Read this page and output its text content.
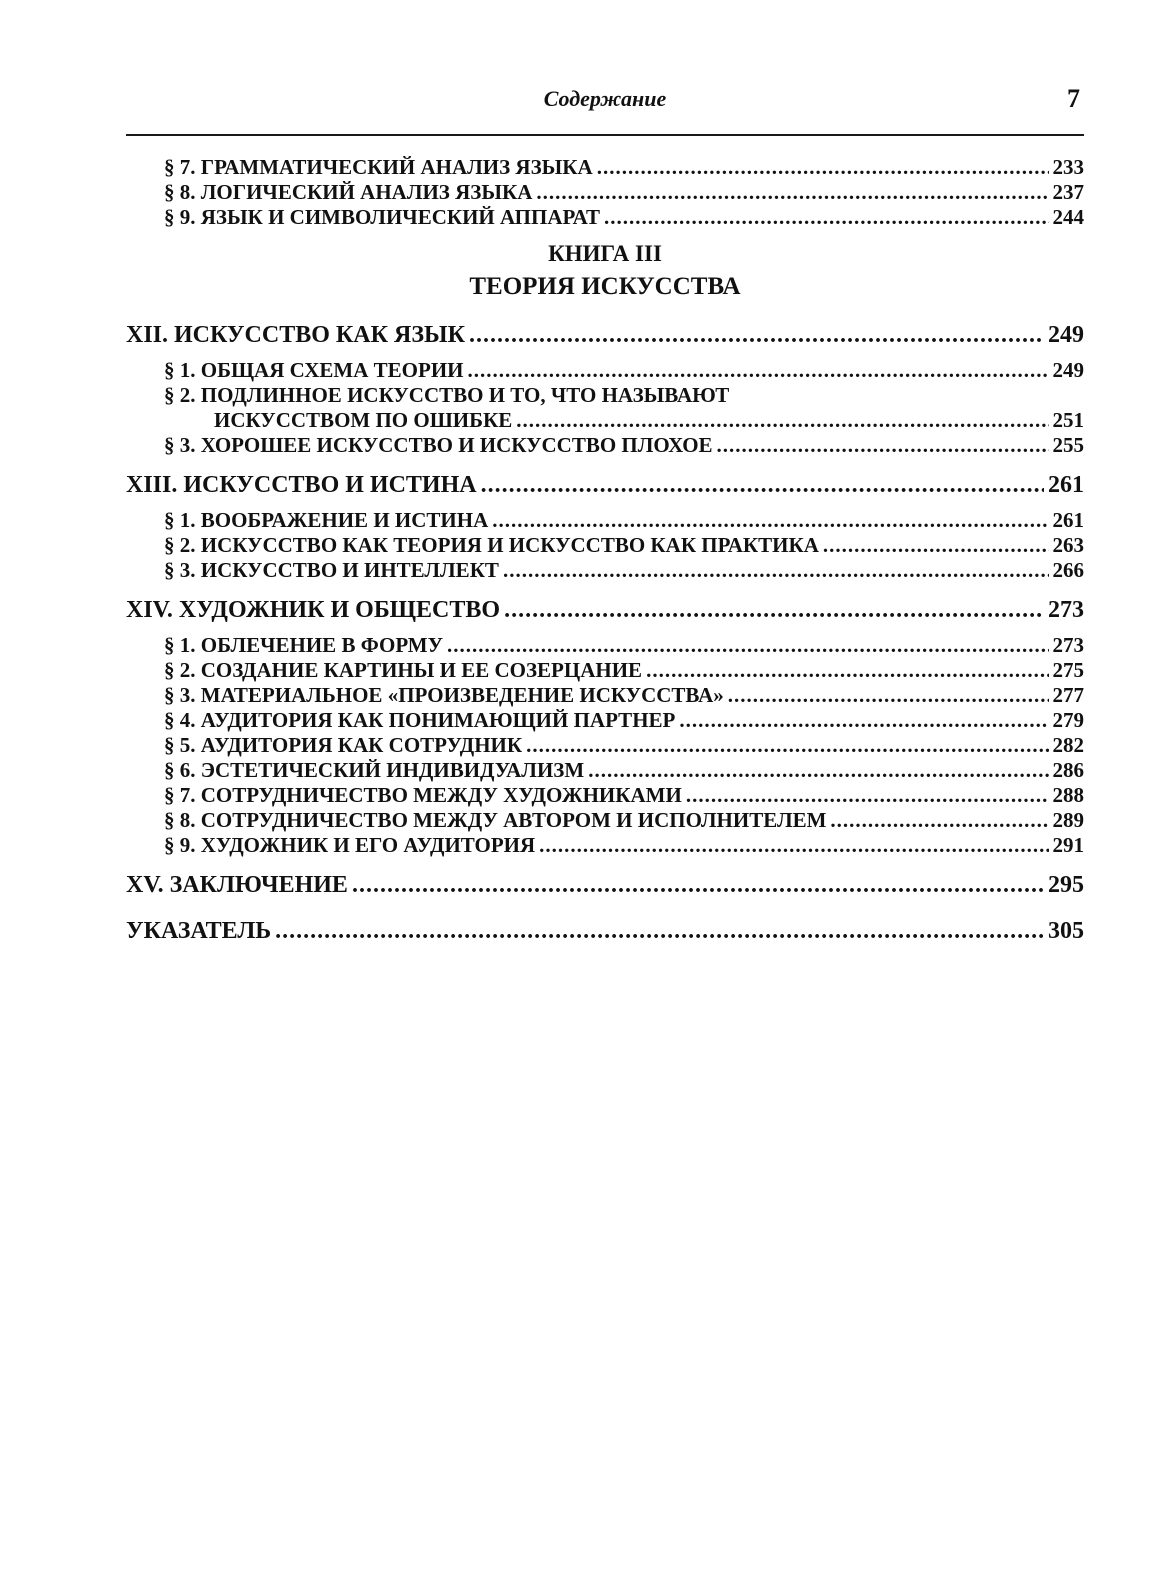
Содержание	7
§ 7. ГРАММАТИЧЕСКИЙ АНАЛИЗ ЯЗЫКА .....	233
§ 8. ЛОГИЧЕСКИЙ АНАЛИЗ ЯЗЫКА .....	237
§ 9. ЯЗЫК И СИМВОЛИЧЕСКИЙ АППАРАТ .....	244
КНИГА III
ТЕОРИЯ ИСКУССТВА
XII. ИСКУССТВО КАК ЯЗЫК .....	249
§ 1. ОБЩАЯ СХЕМА ТЕОРИИ .....	249
§ 2. ПОДЛИННОЕ ИСКУССТВО И ТО, ЧТО НАЗЫВАЮТ
ИСКУССТВОМ ПО ОШИБКЕ .....	251
§ 3. ХОРОШЕЕ ИСКУССТВО И ИСКУССТВО ПЛОХОЕ .....	255
XIII. ИСКУССТВО И ИСТИНА .....	261
§ 1. ВООБРАЖЕНИЕ И ИСТИНА .....	261
§ 2. ИСКУССТВО КАК ТЕОРИЯ И ИСКУССТВО КАК ПРАКТИКА .....	263
§ 3. ИСКУССТВО И ИНТЕЛЛЕКТ .....	266
XIV. ХУДОЖНИК И ОБЩЕСТВО .....	273
§ 1. ОБЛЕЧЕНИЕ В ФОРМУ .....	273
§ 2. СОЗДАНИЕ КАРТИНЫ И ЕЕ СОЗЕРЦАНИЕ .....	275
§ 3. МАТЕРИАЛЬНОЕ «ПРОИЗВЕДЕНИЕ ИСКУССТВА» .....	277
§ 4. АУДИТОРИЯ КАК ПОНИМАЮЩИЙ ПАРТНЕР .....	279
§ 5. АУДИТОРИЯ КАК СОТРУДНИК .....	282
§ 6. ЭСТЕТИЧЕСКИЙ ИНДИВИДУАЛИЗМ .....	286
§ 7. СОТРУДНИЧЕСТВО МЕЖДУ ХУДОЖНИКАМИ .....	288
§ 8. СОТРУДНИЧЕСТВО МЕЖДУ АВТОРОМ И ИСПОЛНИТЕЛЕМ .....	289
§ 9. ХУДОЖНИК И ЕГО АУДИТОРИЯ .....	291
XV. ЗАКЛЮЧЕНИЕ .....	295
УКАЗАТЕЛЬ .....	305
